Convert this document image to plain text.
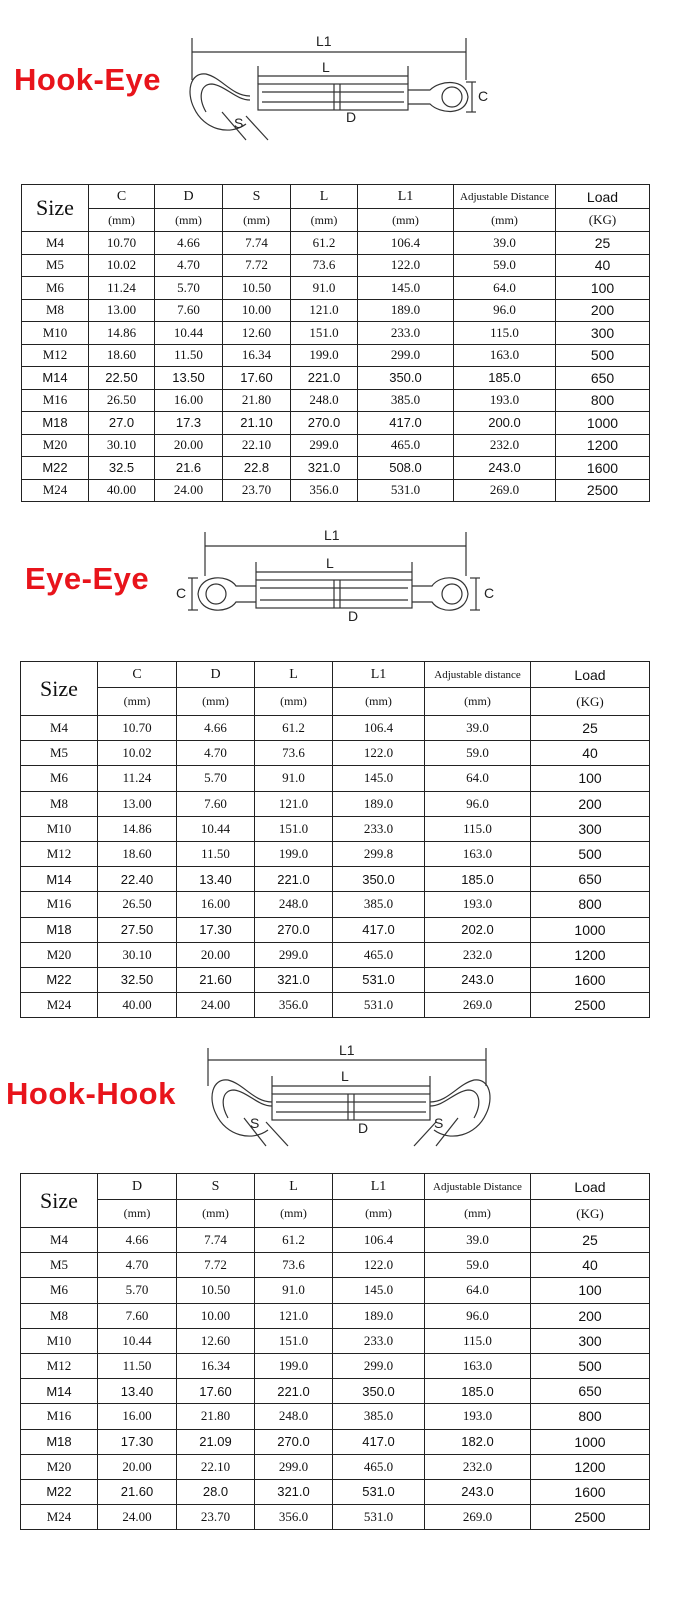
Hook-Eye
L1
L
C
D
S
Size	C	D	S	L	L1	Adjustable Distance	Load
	(mm)	(mm)	(mm)	(mm)	(mm)	(mm)	(KG)
M4	10.70	4.66	7.74	61.2	106.4	39.0	25
M5	10.02	4.70	7.72	73.6	122.0	59.0	40
M6	11.24	5.70	10.50	91.0	145.0	64.0	100
M8	13.00	7.60	10.00	121.0	189.0	96.0	200
M10	14.86	10.44	12.60	151.0	233.0	115.0	300
M12	18.60	11.50	16.34	199.0	299.0	163.0	500
M14	22.50	13.50	17.60	221.0	350.0	185.0	650
M16	26.50	16.00	21.80	248.0	385.0	193.0	800
M18	27.0	17.3	21.10	270.0	417.0	200.0	1000
M20	30.10	20.00	22.10	299.0	465.0	232.0	1200
M22	32.5	21.6	22.8	321.0	508.0	243.0	1600
M24	40.00	24.00	23.70	356.0	531.0	269.0	2500
Eye-Eye
L1
L
C	C
D
Size	C	D	L	L1	Adjustable distance	Load
	(mm)	(mm)	(mm)	(mm)	(mm)	(KG)
M4	10.70	4.66	61.2	106.4	39.0	25
M5	10.02	4.70	73.6	122.0	59.0	40
M6	11.24	5.70	91.0	145.0	64.0	100
M8	13.00	7.60	121.0	189.0	96.0	200
M10	14.86	10.44	151.0	233.0	115.0	300
M12	18.60	11.50	199.0	299.8	163.0	500
M14	22.40	13.40	221.0	350.0	185.0	650
M16	26.50	16.00	248.0	385.0	193.0	800
M18	27.50	17.30	270.0	417.0	202.0	1000
M20	30.10	20.00	299.0	465.0	232.0	1200
M22	32.50	21.60	321.0	531.0	243.0	1600
M24	40.00	24.00	356.0	531.0	269.0	2500
Hook-Hook
L1
L
D
S	S
Size	D	S	L	L1	Adjustable Distance	Load
	(mm)	(mm)	(mm)	(mm)	(mm)	(KG)
M4	4.66	7.74	61.2	106.4	39.0	25
M5	4.70	7.72	73.6	122.0	59.0	40
M6	5.70	10.50	91.0	145.0	64.0	100
M8	7.60	10.00	121.0	189.0	96.0	200
M10	10.44	12.60	151.0	233.0	115.0	300
M12	11.50	16.34	199.0	299.0	163.0	500
M14	13.40	17.60	221.0	350.0	185.0	650
M16	16.00	21.80	248.0	385.0	193.0	800
M18	17.30	21.09	270.0	417.0	182.0	1000
M20	20.00	22.10	299.0	465.0	232.0	1200
M22	21.60	28.0	321.0	531.0	243.0	1600
M24	24.00	23.70	356.0	531.0	269.0	2500
